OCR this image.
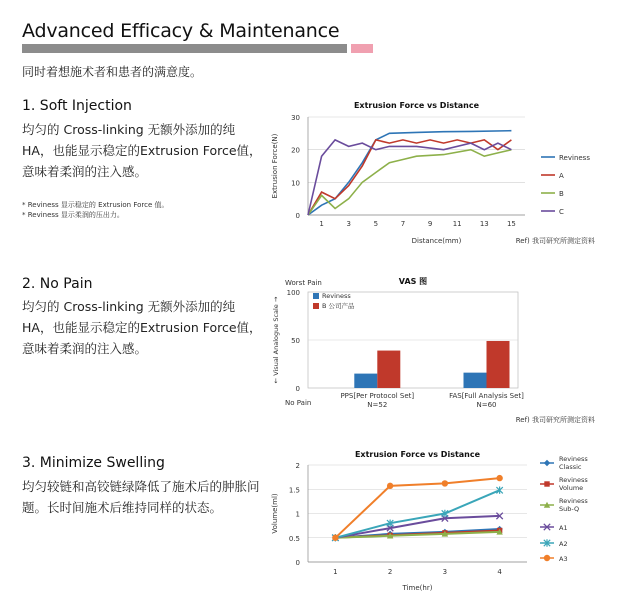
Advanced Efficacy & Maintenance
同时着想施术者和患者的满意度。
1. Soft Injection
均匀的 Cross-linking 无额外添加的纯HA，也能显示稳定的Extrusion Force值，意味着柔润的注入感。
* Reviness 显示稳定的 Extrusion Force 值。
* Reviness 显示柔润的压出力。
2. No Pain
均匀的 Cross-linking 无额外添加的纯HA，也能显示稳定的Extrusion Force值，意味着柔润的注入感。
3. Minimize Swelling
均匀较链和高铰链绿降低了施术后的肿胀问题。长时间施术后维持同样的状态。
Extrusion Force vs Distance
0
10
20
30
1	3	5	7	9	11	13	15
Distance(mm)
Extrusion Force(N)	Reviness
A
B
C
Ref) 我司研究所测定资料
VAS 图
Worst Pain
No Pain
0
50
100
← Visual Analogue Scale →
PPS[Per Protocol Set]
N=52
FAS[Full Analysis Set]
N=60
Reviness
B 公司产品
Ref) 我司研究所测定资料
Extrusion Force vs Distance
0
0.5
1
1.5
2
1	2	3	4
Time(hr)
Volume(ml)
Reviness
Classic
Reviness
Volume
Reviness
Sub-Q
A1
A2
A3
